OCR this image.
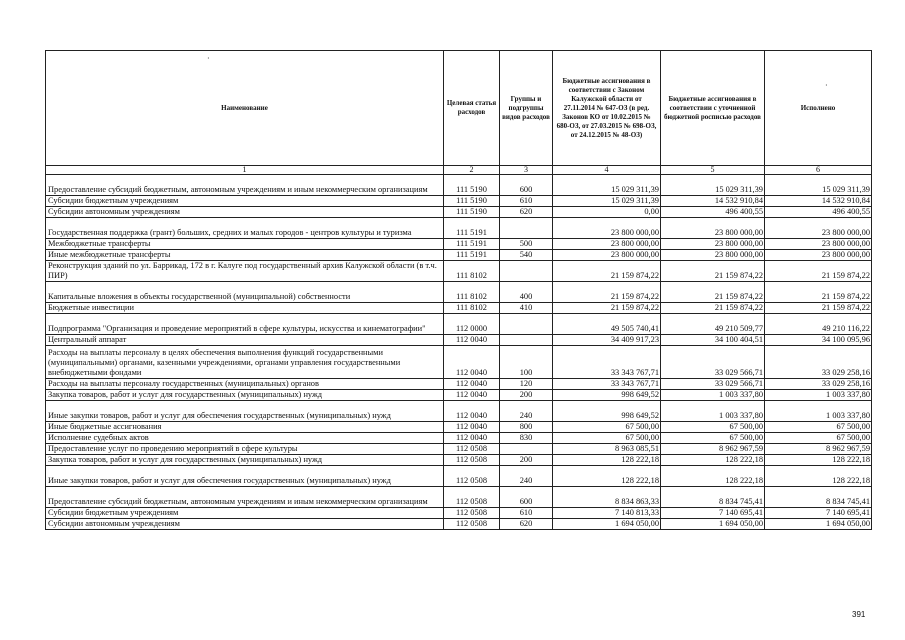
·
·
Наименование	Целевая статья расходов	Группы и подгруппы видов расходов	Бюджетные ассигнования в соответствии с Законом Калужской области от 27.11.2014 № 647-ОЗ (в ред. Законов КО от 10.02.2015 № 680-ОЗ, от 27.03.2015 № 698-ОЗ, от 24.12.2015 № 48-ОЗ)	Бюджетные ассигнования в соответствии с уточненной бюджетной росписью расходов	Исполнено
1	2	3	4	5	6
Предоставление субсидий бюджетным, автономным учреждениям и иным некоммерческим организациям	111 5190	600	15 029 311,39	15 029 311,39	15 029 311,39
Субсидии бюджетным учреждениям	111 5190	610	15 029 311,39	14 532 910,84	14 532 910,84
Субсидии автономным учреждениям	111 5190	620	0,00	496 400,55	496 400,55
Государственная поддержка (грант) больших, средних и малых городов - центров культуры и туризма	111 5191		23 800 000,00	23 800 000,00	23 800 000,00
Межбюджетные трансферты	111 5191	500	23 800 000,00	23 800 000,00	23 800 000,00
Иные межбюджетные трансферты	111 5191	540	23 800 000,00	23 800 000,00	23 800 000,00
Реконструкция зданий по ул. Баррикад, 172 в г. Калуге под государственный архив Калужской области (в т.ч. ПИР)	111 8102		21 159 874,22	21 159 874,22	21 159 874,22
Капитальные вложения в объекты государственной (муниципальной) собственности	111 8102	400	21 159 874,22	21 159 874,22	21 159 874,22
Бюджетные инвестиции	111 8102	410	21 159 874,22	21 159 874,22	21 159 874,22
Подпрограмма "Организация и проведение мероприятий в сфере культуры, искусства и кинематографии"	112 0000		49 505 740,41	49 210 509,77	49 210 116,22
Центральный аппарат	112 0040		34 409 917,23	34 100 404,51	34 100 095,96
Расходы на выплаты персоналу в целях обеспечения выполнения функций государственными (муниципальными) органами, казенными учреждениями, органами управления государственными внебюджетными фондами	112 0040	100	33 343 767,71	33 029 566,71	33 029 258,16
Расходы на выплаты персоналу государственных (муниципальных) органов	112 0040	120	33 343 767,71	33 029 566,71	33 029 258,16
Закупка товаров, работ и услуг для государственных (муниципальных) нужд	112 0040	200	998 649,52	1 003 337,80	1 003 337,80
Иные закупки товаров, работ и услуг для обеспечения государственных (муниципальных) нужд	112 0040	240	998 649,52	1 003 337,80	1 003 337,80
Иные бюджетные ассигнования	112 0040	800	67 500,00	67 500,00	67 500,00
Исполнение судебных актов	112 0040	830	67 500,00	67 500,00	67 500,00
Предоставление услуг по проведению мероприятий в сфере культуры	112 0508		8 963 085,51	8 962 967,59	8 962 967,59
Закупка товаров, работ и услуг для государственных (муниципальных) нужд	112 0508	200	128 222,18	128 222,18	128 222,18
Иные закупки товаров, работ и услуг для обеспечения государственных (муниципальных) нужд	112 0508	240	128 222,18	128 222,18	128 222,18
Предоставление субсидий бюджетным, автономным учреждениям и иным некоммерческим организациям	112 0508	600	8 834 863,33	8 834 745,41	8 834 745,41
Субсидии бюджетным учреждениям	112 0508	610	7 140 813,33	7 140 695,41	7 140 695,41
Субсидии автономным учреждениям	112 0508	620	1 694 050,00	1 694 050,00	1 694 050,00
391
